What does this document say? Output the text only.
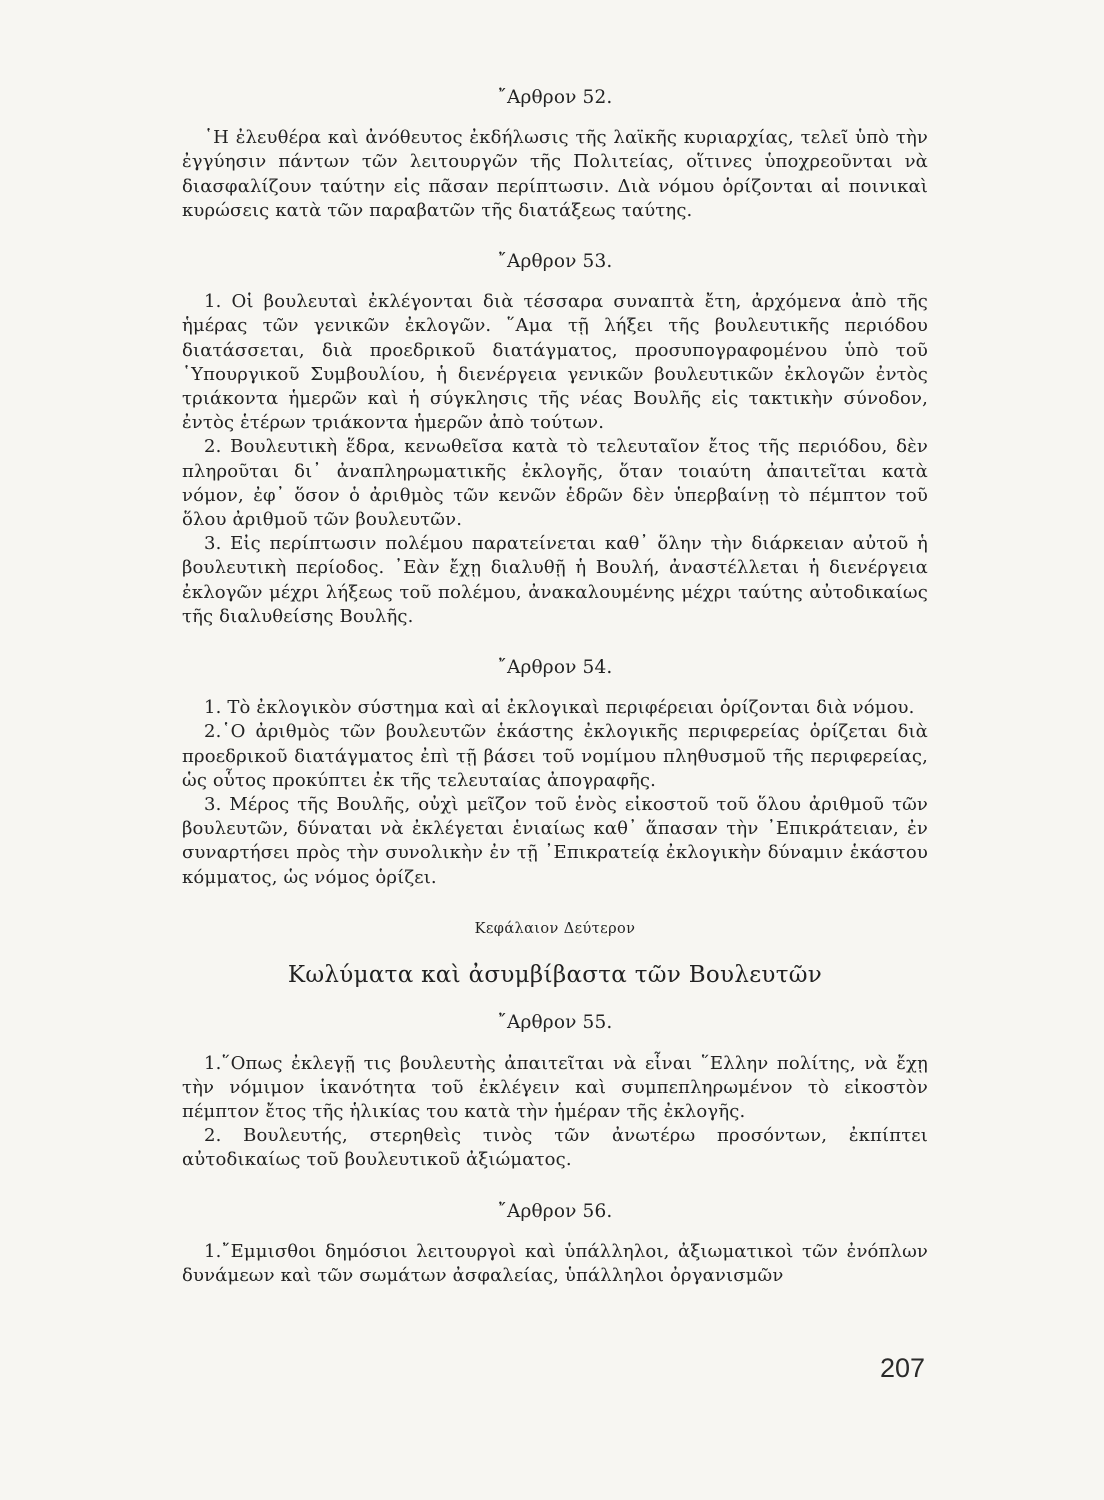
῎Αρθρον 52.

῾Η ἐλευθέρα καὶ ἀνόθευτος ἐκδήλωσις τῆς λαϊκῆς κυριαρχίας, τελεῖ ὑπὸ τὴν ἐγγύησιν πάντων τῶν λειτουργῶν τῆς Πολιτείας, οἵτινες ὑποχρεοῦνται νὰ διασφαλίζουν ταύτην εἰς πᾶσαν περίπτωσιν. Διὰ νόμου ὁρίζονται αἱ ποινικαὶ κυρώσεις κατὰ τῶν παραβατῶν τῆς διατάξεως ταύτης.

῎Αρθρον 53.

1. Οἱ βουλευταὶ ἐκλέγονται διὰ τέσσαρα συναπτὰ ἔτη, ἀρχόμενα ἀπὸ τῆς ἡμέρας τῶν γενικῶν ἐκλογῶν. ῞Αμα τῇ λήξει τῆς βουλευτικῆς περιόδου διατάσσεται, διὰ προεδρικοῦ διατάγματος, προσυπογραφομένου ὑπὸ τοῦ ῾Υπουργικοῦ Συμβουλίου, ἡ διενέργεια γενικῶν βουλευτικῶν ἐκλογῶν ἐντὸς τριάκοντα ἡμερῶν καὶ ἡ σύγκλησις τῆς νέας Βουλῆς εἰς τακτικὴν σύνοδον, ἐντὸς ἑτέρων τριάκοντα ἡμερῶν ἀπὸ τούτων.

2. Βουλευτικὴ ἕδρα, κενωθεῖσα κατὰ τὸ τελευταῖον ἔτος τῆς περιόδου, δὲν πληροῦται δι᾿ ἀναπληρωματικῆς ἐκλογῆς, ὅταν τοιαύτη ἀπαιτεῖται κατὰ νόμον, ἐφ᾿ ὅσον ὁ ἀριθμὸς τῶν κενῶν ἑδρῶν δὲν ὑπερβαίνῃ τὸ πέμπτον τοῦ ὅλου ἀριθμοῦ τῶν βουλευτῶν.

3. Εἰς περίπτωσιν πολέμου παρατείνεται καθ᾿ ὅλην τὴν διάρκειαν αὐτοῦ ἡ βουλευτικὴ περίοδος. ᾿Εὰν ἔχῃ διαλυθῇ ἡ Βουλή, ἀναστέλλεται ἡ διενέργεια ἐκλογῶν μέχρι λήξεως τοῦ πολέμου, ἀνακαλουμένης μέχρι ταύτης αὐτοδικαίως τῆς διαλυθείσης Βουλῆς.

῎Αρθρον 54.

1. Τὸ ἐκλογικὸν σύστημα καὶ αἱ ἐκλογικαὶ περιφέρειαι ὁρίζονται διὰ νόμου.

2.῾Ο ἀριθμὸς τῶν βουλευτῶν ἑκάστης ἐκλογικῆς περιφερείας ὁρίζεται διὰ προεδρικοῦ διατάγματος ἐπὶ τῇ βάσει τοῦ νομίμου πληθυσμοῦ τῆς περιφερείας, ὡς οὗτος προκύπτει ἐκ τῆς τελευταίας ἀπογραφῆς.

3. Μέρος τῆς Βουλῆς, οὐχὶ μεῖζον τοῦ ἑνὸς εἰκοστοῦ τοῦ ὅλου ἀριθμοῦ τῶν βουλευτῶν, δύναται νὰ ἐκλέγεται ἑνιαίως καθ᾿ ἅπασαν τὴν ᾿Επικράτειαν, ἐν συναρτήσει πρὸς τὴν συνολικὴν ἐν τῇ ᾿Επικρατείᾳ ἐκλογικὴν δύναμιν ἑκάστου κόμματος, ὡς νόμος ὁρίζει.

Κεφάλαιον Δεύτερον

Κωλύματα καὶ ἀσυμβίβαστα τῶν Βουλευτῶν

῎Αρθρον 55.

1.῞Οπως ἐκλεγῇ τις βουλευτὴς ἀπαιτεῖται νὰ εἶναι ῞Ελλην πολίτης, νὰ ἔχῃ τὴν νόμιμον ἱκανότητα τοῦ ἐκλέγειν καὶ συμπεπληρωμένον τὸ εἰκοστὸν πέμπτον ἔτος τῆς ἡλικίας του κατὰ τὴν ἡμέραν τῆς ἐκλογῆς.

2. Βουλευτής, στερηθεὶς τινὸς τῶν ἀνωτέρω προσόντων, ἐκπίπτει αὐτοδικαίως τοῦ βουλευτικοῦ ἀξιώματος.

῎Αρθρον 56.

1.῎Εμμισθοι δημόσιοι λειτουργοὶ καὶ ὑπάλληλοι, ἀξιωματικοὶ τῶν ἐνόπλων δυνάμεων καὶ τῶν σωμάτων ἀσφαλείας, ὑπάλληλοι ὀργανισμῶν

207
